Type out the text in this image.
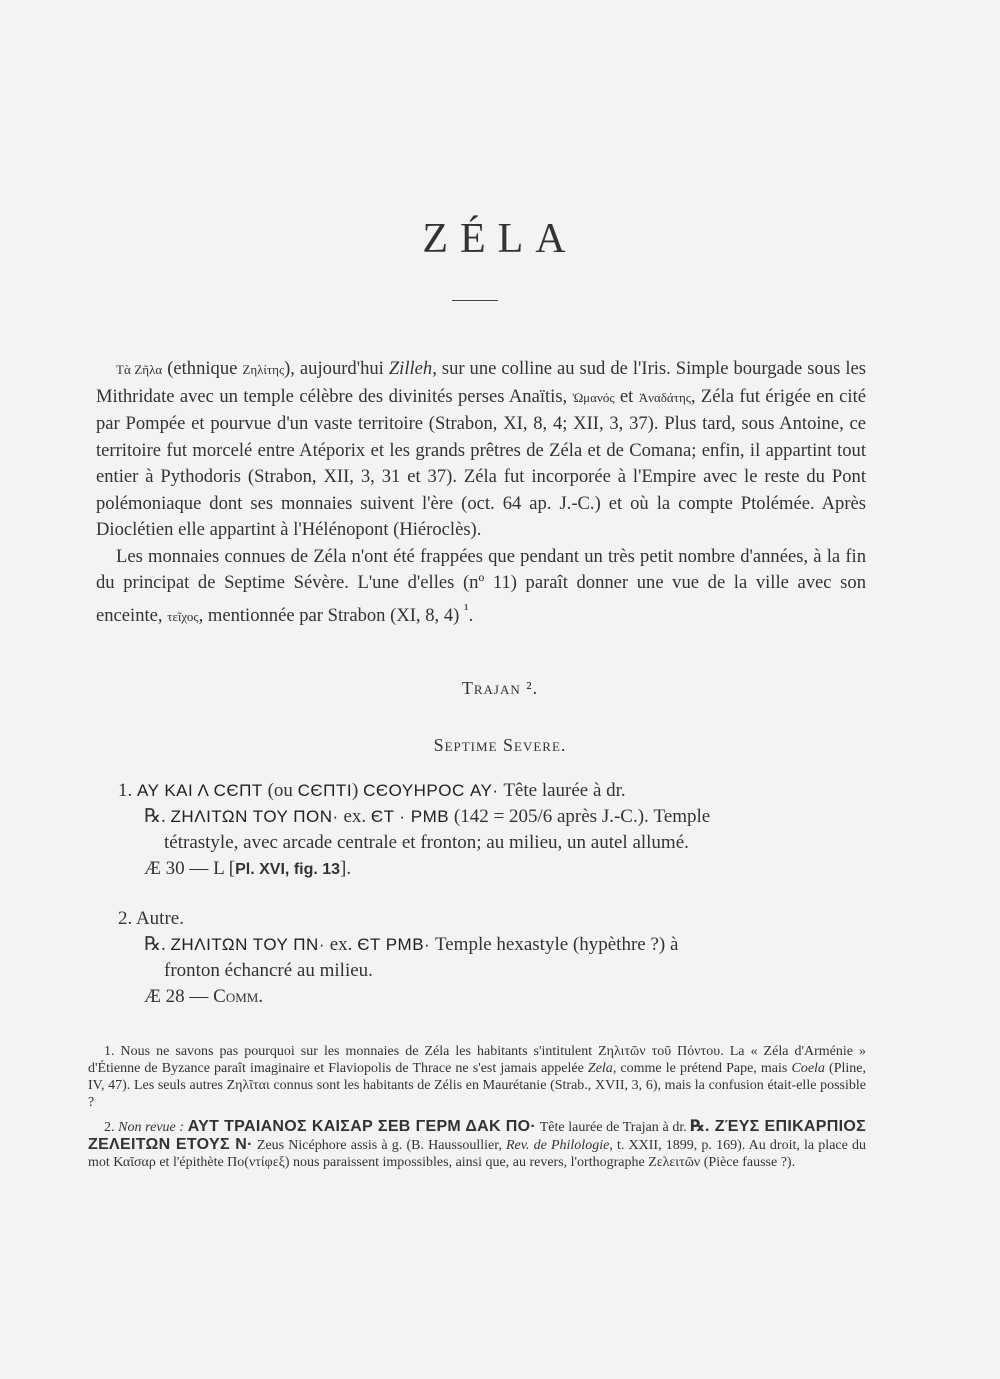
ZÉLA

Τὰ Ζῆλα (ethnique Ζηλίτης), aujourd'hui Zilleh, sur une colline au sud de l'Iris. Simple bourgade sous les Mithridate avec un temple célèbre des divinités perses Anaïtis, Ὡμανός et Ἀναδάτης, Zéla fut érigée en cité par Pompée et pourvue d'un vaste territoire (Strabon, XI, 8, 4; XII, 3, 37). Plus tard, sous Antoine, ce territoire fut morcelé entre Atéporix et les grands prêtres de Zéla et de Comana; enfin, il appartint tout entier à Pythodoris (Strabon, XII, 3, 31 et 37). Zéla fut incorporée à l'Empire avec le reste du Pont polémoniaque dont ses monnaies suivent l'ère (oct. 64 ap. J.-C.) et où la compte Ptolémée. Après Dioclétien elle appartint à l'Hélénopont (Hiéroclès).

Les monnaies connues de Zéla n'ont été frappées que pendant un très petit nombre d'années, à la fin du principat de Septime Sévère. L'une d'elles (nº 11) paraît donner une vue de la ville avec son enceinte, τεῖχος, mentionnée par Strabon (XI, 8, 4) $^{^1}$.

Trajan ².
Septime Severe.
1. ΑΥ ΚΑΙ Λ CЄΠΤ (ou CЄΠΤΙ) CЄΟΥΗΡΟC ΑΥ· Tête laurée à dr.
℞. ΖΗΛΙΤΩΝ ΤΟΥ ΠΟΝ· ex. ЄΤ · ΡΜΒ (142 = 205/6 après J.-C.). Temple
tétrastyle, avec arcade centrale et fronton; au milieu, un autel allumé.
Æ 30 — L [Pl. XVI, fig. 13].
2. Autre.
℞. ΖΗΛΙΤΩΝ ΤΟΥ ΠΝ· ex. ЄΤ ΡΜΒ· Temple hexastyle (hypèthre ?) à
fronton échancré au milieu.
Æ 28 — Comm.

1. Nous ne savons pas pourquoi sur les monnaies de Zéla les habitants s'intitulent Ζηλιτῶν τοῦ Πόντου. La « Zéla d'Arménie » d'Étienne de Byzance paraît imaginaire et Flaviopolis de Thrace ne s'est jamais appelée Zela, comme le prétend Pape, mais Coela (Pline, IV, 47). Les seuls autres Ζηλῖται connus sont les habitants de Zélis en Maurétanie (Strab., XVII, 3, 6), mais la confusion était-elle possible ?

2. Non revue : ΑΥΤ ΤΡΑΙΑΝΟΣ ΚΑΙΣΑΡ ΣΕΒ ΓΕΡΜ ΔΑΚ ΠΟ· Tête laurée de Trajan à dr. ℞. ΖΈΥΣ ΕΠΙΚΑΡΠΙΟΣ ΖΕΛΕΙΤΩΝ ΕΤΟΥΣ Ν· Zeus Nicéphore assis à g. (B. Haussoullier, Rev. de Philologie, t. XXII, 1899, p. 169). Au droit, la place du mot Καῖσαρ et l'épithète Πο(ντίφεξ) nous paraissent impossibles, ainsi que, au revers, l'orthographe Ζελειτῶν (Pièce fausse ?).
